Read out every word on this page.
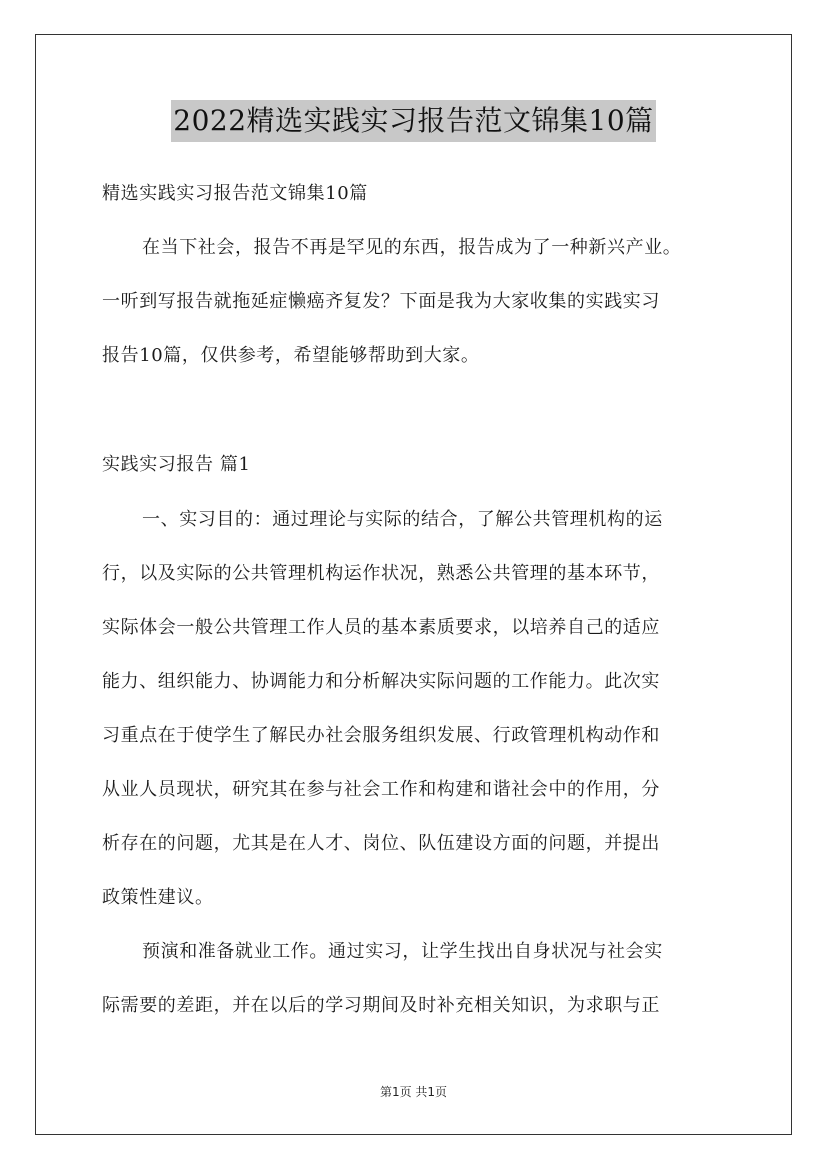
2022精选实践实习报告范文锦集10篇
精选实践实习报告范文锦集10篇
在当下社会，报告不再是罕见的东西，报告成为了一种新兴产业。
一听到写报告就拖延症懒癌齐复发？下面是我为大家收集的实践实习
报告10篇，仅供参考，希望能够帮助到大家。
实践实习报告 篇1
一、实习目的：通过理论与实际的结合，了解公共管理机构的运
行，以及实际的公共管理机构运作状况，熟悉公共管理的基本环节，
实际体会一般公共管理工作人员的基本素质要求，以培养自己的适应
能力、组织能力、协调能力和分析解决实际问题的工作能力。此次实
习重点在于使学生了解民办社会服务组织发展、行政管理机构动作和
从业人员现状，研究其在参与社会工作和构建和谐社会中的作用，分
析存在的问题，尤其是在人才、岗位、队伍建设方面的问题，并提出
政策性建议。
预演和准备就业工作。通过实习，让学生找出自身状况与社会实
际需要的差距，并在以后的学习期间及时补充相关知识，为求职与正
第1页 共1页
